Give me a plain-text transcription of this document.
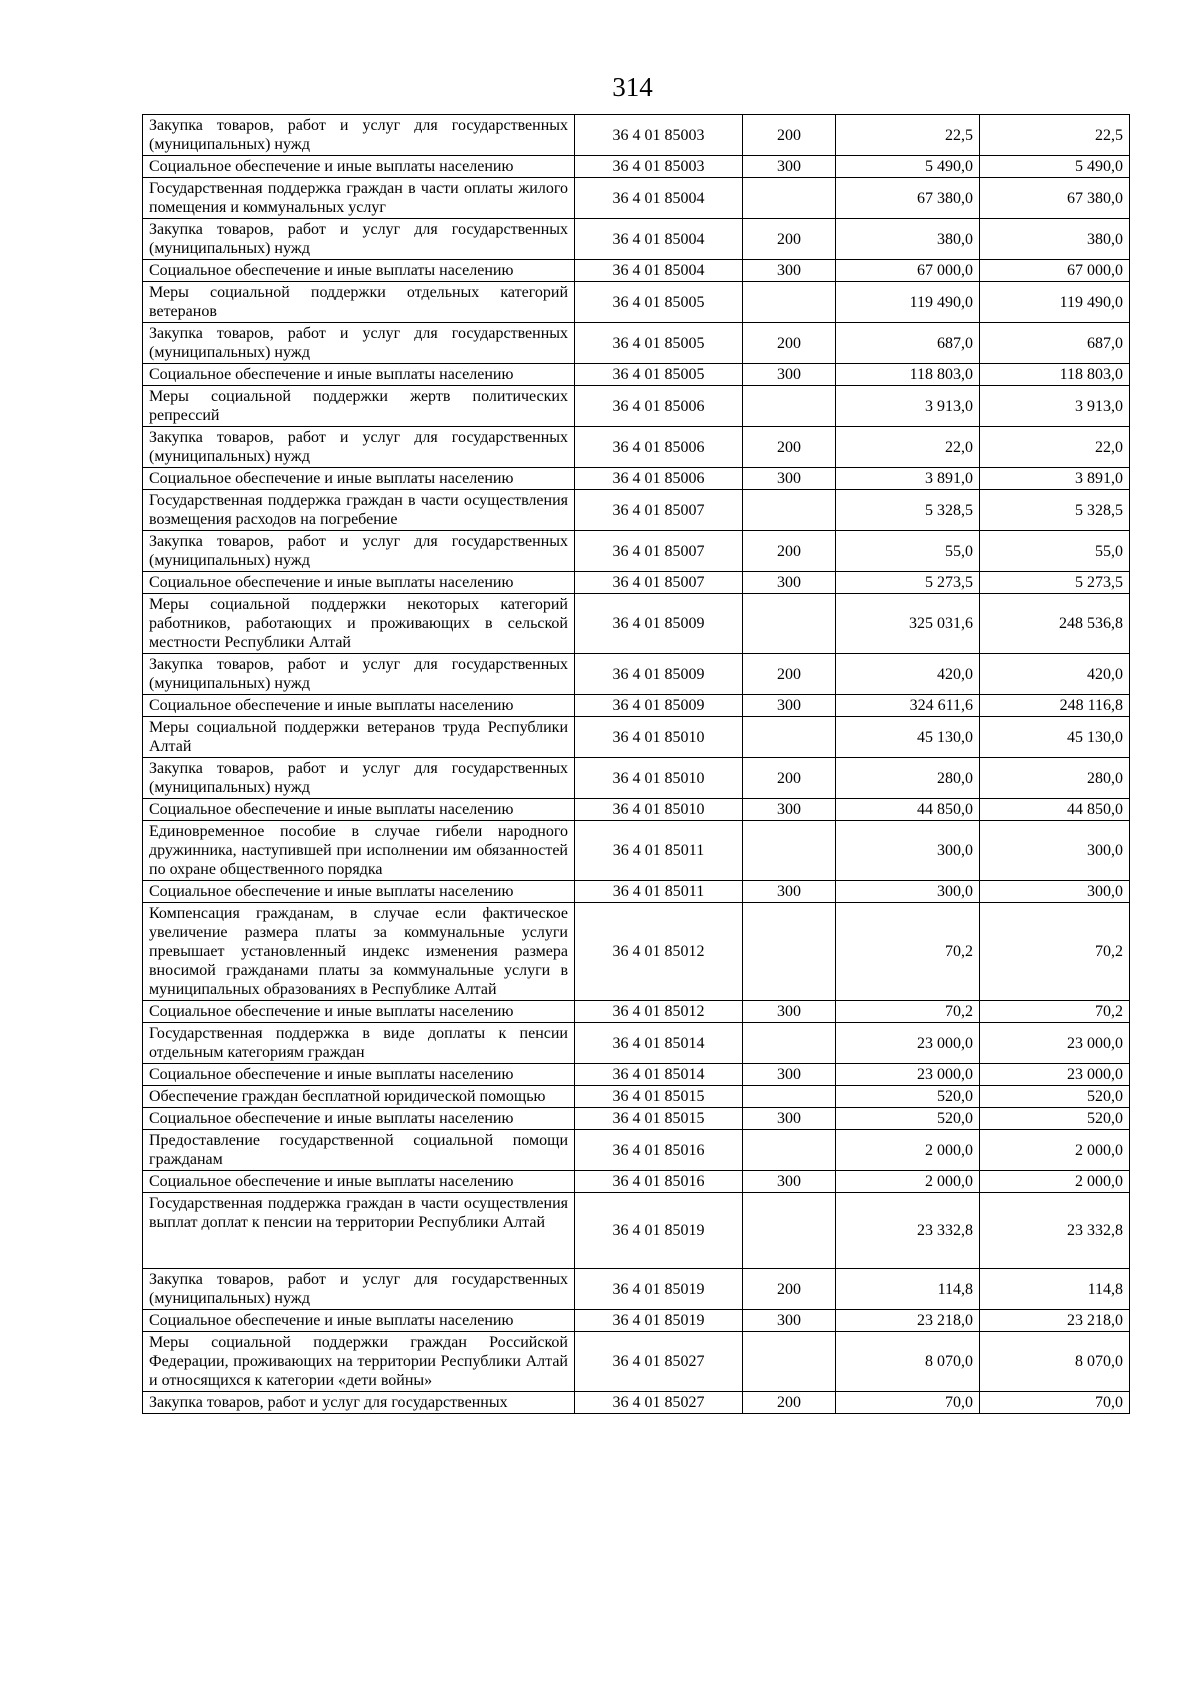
314
Закупка товаров, работ и услуг для государственных (муниципальных) нужд	36 4 01 85003	200	22,5	22,5
Социальное обеспечение и иные выплаты населению	36 4 01 85003	300	5 490,0	5 490,0
Государственная поддержка граждан в части оплаты жилого помещения и коммунальных услуг	36 4 01 85004		67 380,0	67 380,0
Закупка товаров, работ и услуг для государственных (муниципальных) нужд	36 4 01 85004	200	380,0	380,0
Социальное обеспечение и иные выплаты населению	36 4 01 85004	300	67 000,0	67 000,0
Меры социальной поддержки отдельных категорий ветеранов	36 4 01 85005		119 490,0	119 490,0
Закупка товаров, работ и услуг для государственных (муниципальных) нужд	36 4 01 85005	200	687,0	687,0
Социальное обеспечение и иные выплаты населению	36 4 01 85005	300	118 803,0	118 803,0
Меры социальной поддержки жертв политических репрессий	36 4 01 85006		3 913,0	3 913,0
Закупка товаров, работ и услуг для государственных (муниципальных) нужд	36 4 01 85006	200	22,0	22,0
Социальное обеспечение и иные выплаты населению	36 4 01 85006	300	3 891,0	3 891,0
Государственная поддержка граждан в части осуществления возмещения расходов на погребение	36 4 01 85007		5 328,5	5 328,5
Закупка товаров, работ и услуг для государственных (муниципальных) нужд	36 4 01 85007	200	55,0	55,0
Социальное обеспечение и иные выплаты населению	36 4 01 85007	300	5 273,5	5 273,5
Меры социальной поддержки некоторых категорий работников, работающих и проживающих в сельской местности Республики Алтай	36 4 01 85009		325 031,6	248 536,8
Закупка товаров, работ и услуг для государственных (муниципальных) нужд	36 4 01 85009	200	420,0	420,0
Социальное обеспечение и иные выплаты населению	36 4 01 85009	300	324 611,6	248 116,8
Меры социальной поддержки ветеранов труда Республики Алтай	36 4 01 85010		45 130,0	45 130,0
Закупка товаров, работ и услуг для государственных (муниципальных) нужд	36 4 01 85010	200	280,0	280,0
Социальное обеспечение и иные выплаты населению	36 4 01 85010	300	44 850,0	44 850,0
Единовременное пособие в случае гибели народного дружинника, наступившей при исполнении им обязанностей по охране общественного порядка	36 4 01 85011		300,0	300,0
Социальное обеспечение и иные выплаты населению	36 4 01 85011	300	300,0	300,0
Компенсация гражданам, в случае если фактическое увеличение размера платы за коммунальные услуги превышает установленный индекс изменения размера вносимой гражданами платы за коммунальные услуги в муниципальных образованиях в Республике Алтай	36 4 01 85012		70,2	70,2
Социальное обеспечение и иные выплаты населению	36 4 01 85012	300	70,2	70,2
Государственная поддержка в виде доплаты к пенсии отдельным категориям граждан	36 4 01 85014		23 000,0	23 000,0
Социальное обеспечение и иные выплаты населению	36 4 01 85014	300	23 000,0	23 000,0
Обеспечение граждан бесплатной юридической помощью	36 4 01 85015		520,0	520,0
Социальное обеспечение и иные выплаты населению	36 4 01 85015	300	520,0	520,0
Предоставление государственной социальной помощи гражданам	36 4 01 85016		2 000,0	2 000,0
Социальное обеспечение и иные выплаты населению	36 4 01 85016	300	2 000,0	2 000,0
Государственная поддержка граждан в части осуществления выплат доплат к пенсии на территории Республики Алтай	36 4 01 85019		23 332,8	23 332,8
Закупка товаров, работ и услуг для государственных (муниципальных) нужд	36 4 01 85019	200	114,8	114,8
Социальное обеспечение и иные выплаты населению	36 4 01 85019	300	23 218,0	23 218,0
Меры социальной поддержки граждан Российской Федерации, проживающих на территории Республики Алтай и относящихся к категории «дети войны»	36 4 01 85027		8 070,0	8 070,0
Закупка товаров, работ и услуг для государственных	36 4 01 85027	200	70,0	70,0
